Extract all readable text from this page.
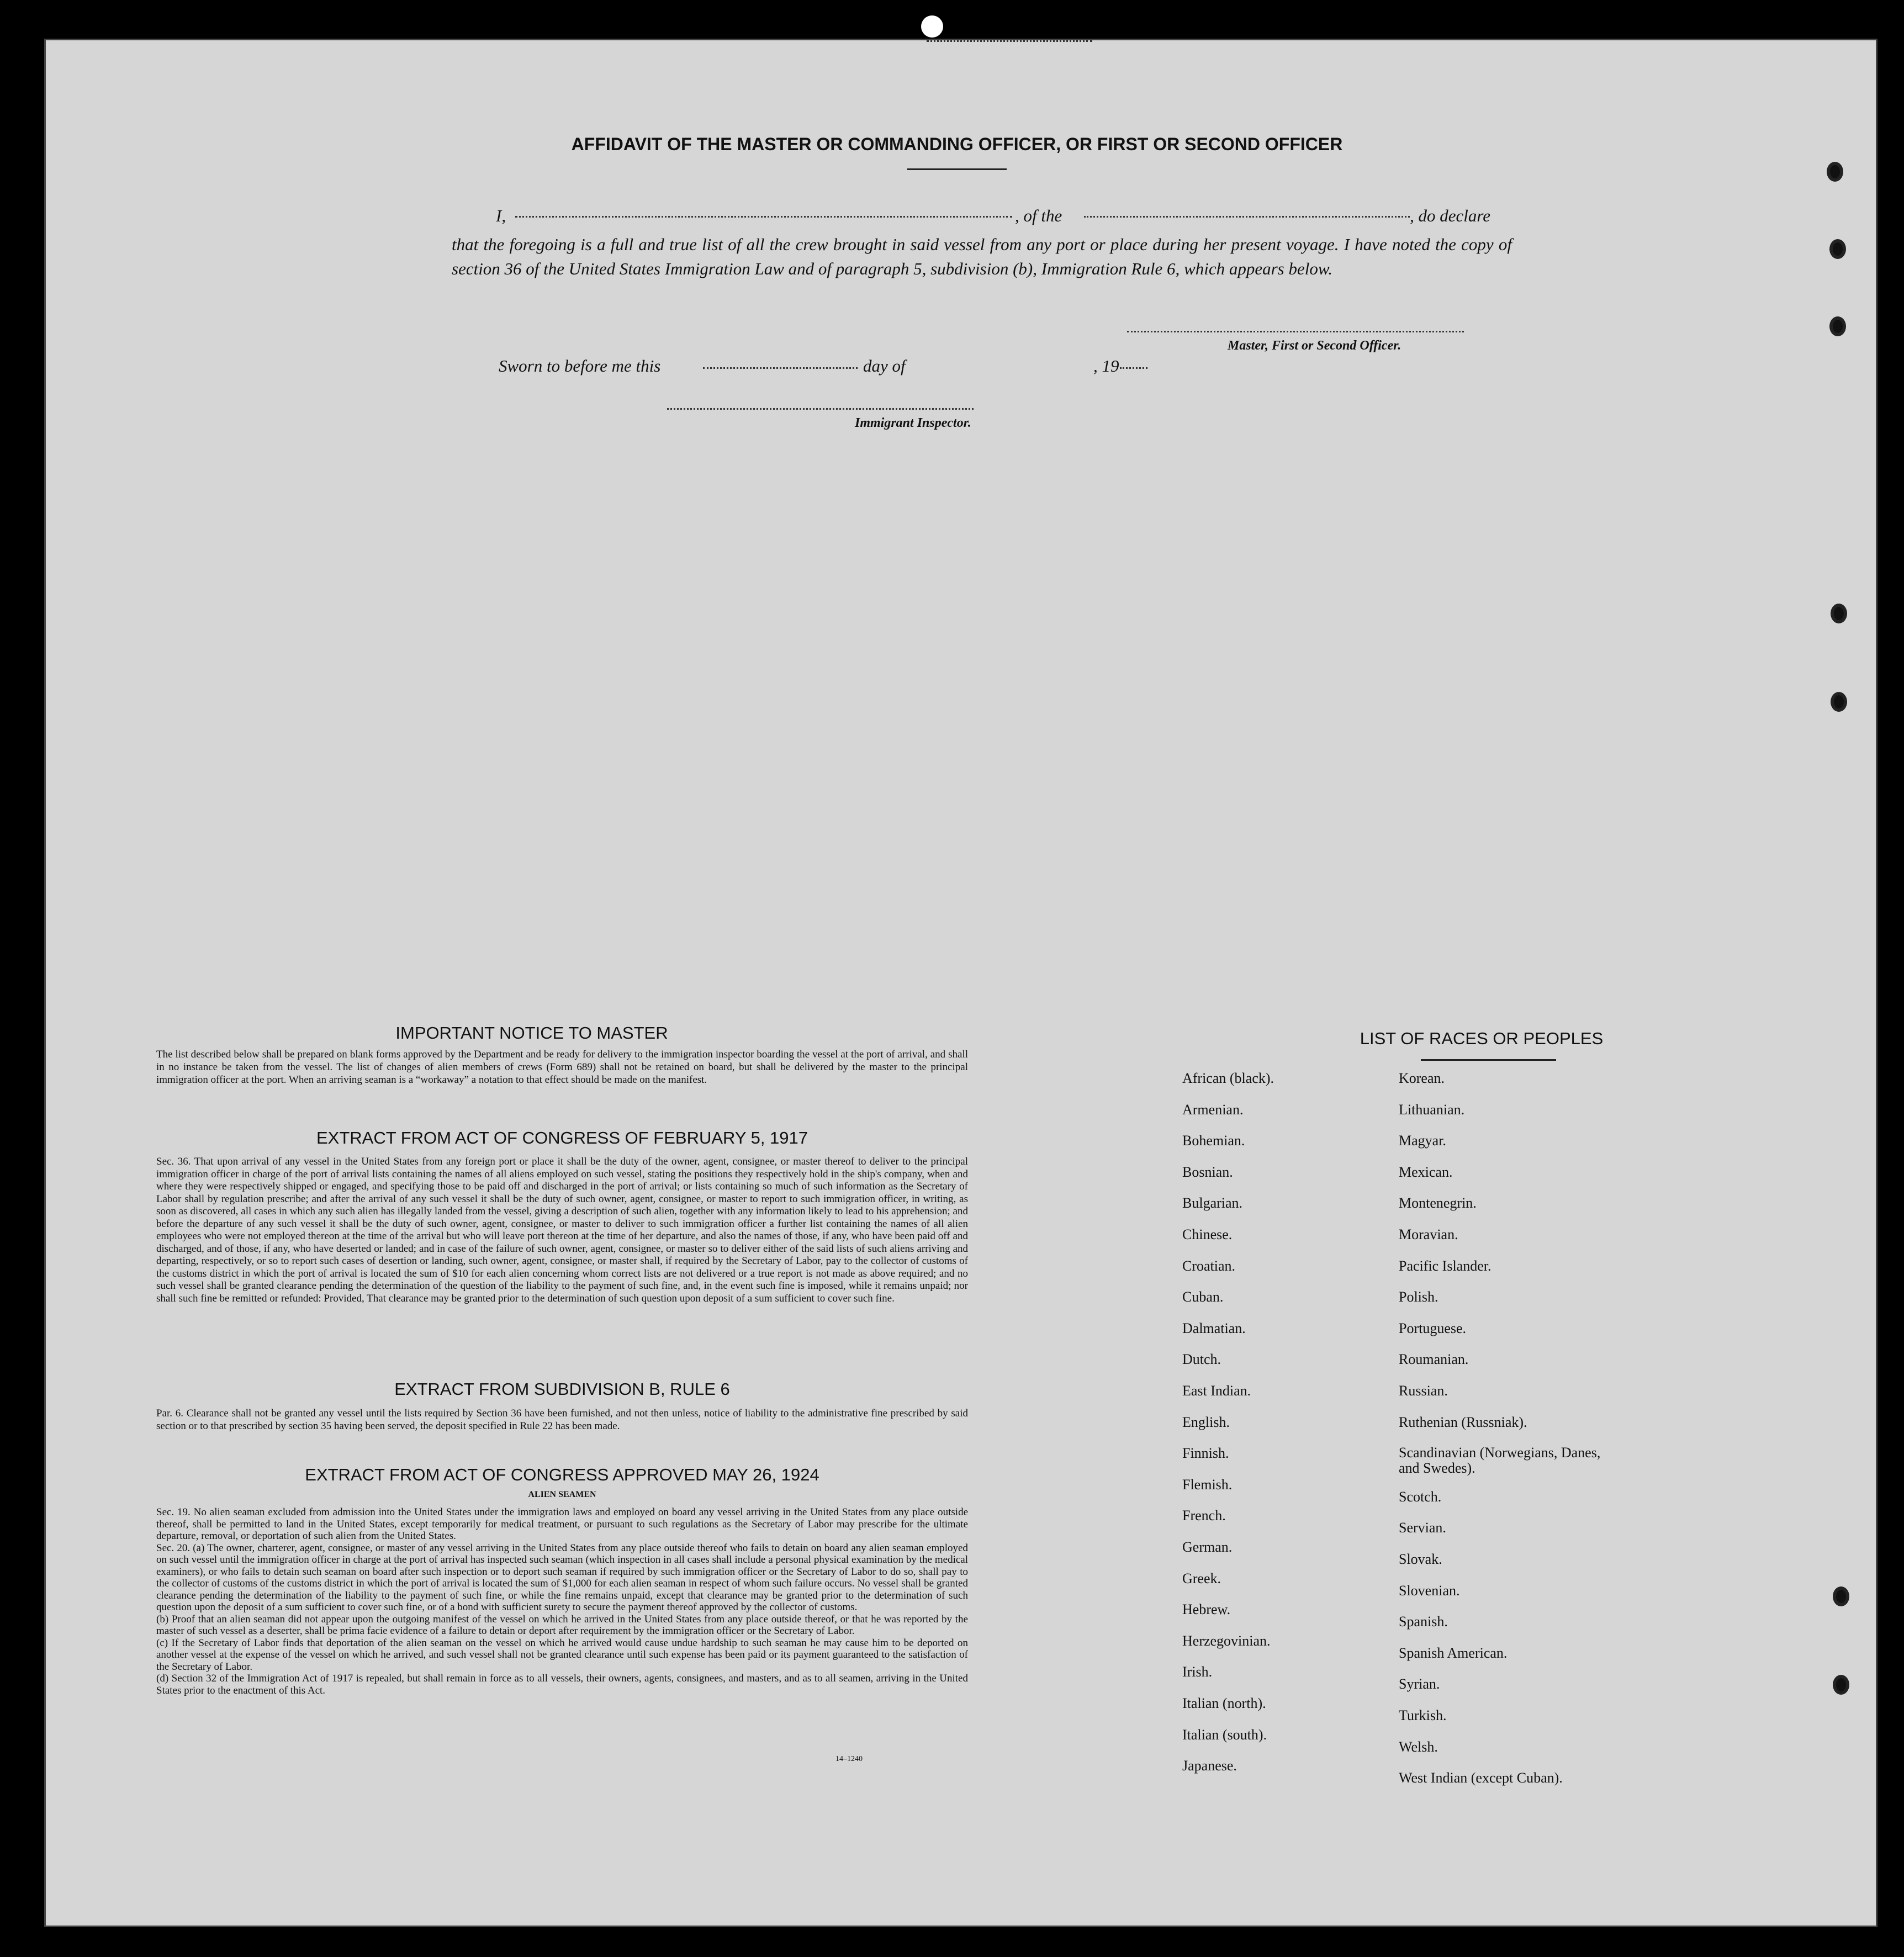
AFFIDAVIT OF THE MASTER OR COMMANDING OFFICER, OR FIRST OR SECOND OFFICER
I,	, of the	, do declare
that the foregoing is a full and true list of all the crew brought in said vessel from any port or place during her present voyage. I have noted the copy of section 36 of the United States Immigration Law and of paragraph 5, subdivision (b), Immigration Rule 6, which appears below.
Master, First or Second Officer.
Sworn to before me this	day of	, 19
Immigrant Inspector.
IMPORTANT NOTICE TO MASTER
The list described below shall be prepared on blank forms approved by the Department and be ready for delivery to the immigration inspector boarding the vessel at the port of arrival, and shall in no instance be taken from the vessel. The list of changes of alien members of crews (Form 689) shall not be retained on board, but shall be delivered by the master to the principal immigration officer at the port. When an arriving seaman is a “workaway” a notation to that effect should be made on the manifest.
EXTRACT FROM ACT OF CONGRESS OF FEBRUARY 5, 1917
Sec. 36. That upon arrival of any vessel in the United States from any foreign port or place it shall be the duty of the owner, agent, consignee, or master thereof to deliver to the principal immigration officer in charge of the port of arrival lists containing the names of all aliens employed on such vessel, stating the positions they respectively hold in the ship's company, when and where they were respectively shipped or engaged, and specifying those to be paid off and discharged in the port of arrival; or lists containing so much of such information as the Secretary of Labor shall by regulation prescribe; and after the arrival of any such vessel it shall be the duty of such owner, agent, consignee, or master to report to such immigration officer, in writing, as soon as discovered, all cases in which any such alien has illegally landed from the vessel, giving a description of such alien, together with any information likely to lead to his apprehension; and before the departure of any such vessel it shall be the duty of such owner, agent, consignee, or master to deliver to such immigration officer a further list containing the names of all alien employees who were not employed thereon at the time of the arrival but who will leave port thereon at the time of her departure, and also the names of those, if any, who have been paid off and discharged, and of those, if any, who have deserted or landed; and in case of the failure of such owner, agent, consignee, or master so to deliver either of the said lists of such aliens arriving and departing, respectively, or so to report such cases of desertion or landing, such owner, agent, consignee, or master shall, if required by the Secretary of Labor, pay to the collector of customs of the customs district in which the port of arrival is located the sum of $10 for each alien concerning whom correct lists are not delivered or a true report is not made as above required; and no such vessel shall be granted clearance pending the determination of the question of the liability to the payment of such fine, and, in the event such fine is imposed, while it remains unpaid; nor shall such fine be remitted or refunded: Provided, That clearance may be granted prior to the determination of such question upon deposit of a sum sufficient to cover such fine.
EXTRACT FROM SUBDIVISION B, RULE 6
Par. 6. Clearance shall not be granted any vessel until the lists required by Section 36 have been furnished, and not then unless, notice of liability to the administrative fine prescribed by said section or to that prescribed by section 35 having been served, the deposit specified in Rule 22 has been made.
EXTRACT FROM ACT OF CONGRESS APPROVED MAY 26, 1924
ALIEN SEAMEN
Sec. 19. No alien seaman excluded from admission into the United States under the immigration laws and employed on board any vessel arriving in the United States from any place outside thereof, shall be permitted to land in the United States, except temporarily for medical treatment, or pursuant to such regulations as the Secretary of Labor may prescribe for the ultimate departure, removal, or deportation of such alien from the United States.
Sec. 20. (a) The owner, charterer, agent, consignee, or master of any vessel arriving in the United States from any place outside thereof who fails to detain on board any alien seaman employed on such vessel until the immigration officer in charge at the port of arrival has inspected such seaman (which inspection in all cases shall include a personal physical examination by the medical examiners), or who fails to detain such seaman on board after such inspection or to deport such seaman if required by such immigration officer or the Secretary of Labor to do so, shall pay to the collector of customs of the customs district in which the port of arrival is located the sum of $1,000 for each alien seaman in respect of whom such failure occurs. No vessel shall be granted clearance pending the determination of the liability to the payment of such fine, or while the fine remains unpaid, except that clearance may be granted prior to the determination of such question upon the deposit of a sum sufficient to cover such fine, or of a bond with sufficient surety to secure the payment thereof approved by the collector of customs.
(b) Proof that an alien seaman did not appear upon the outgoing manifest of the vessel on which he arrived in the United States from any place outside thereof, or that he was reported by the master of such vessel as a deserter, shall be prima facie evidence of a failure to detain or deport after requirement by the immigration officer or the Secretary of Labor.
(c) If the Secretary of Labor finds that deportation of the alien seaman on the vessel on which he arrived would cause undue hardship to such seaman he may cause him to be deported on another vessel at the expense of the vessel on which he arrived, and such vessel shall not be granted clearance until such expense has been paid or its payment guaranteed to the satisfaction of the Secretary of Labor.
(d) Section 32 of the Immigration Act of 1917 is repealed, but shall remain in force as to all vessels, their owners, agents, consignees, and masters, and as to all seamen, arriving in the United States prior to the enactment of this Act.
14–1240
LIST OF RACES OR PEOPLES
African (black).
Armenian.
Bohemian.
Bosnian.
Bulgarian.
Chinese.
Croatian.
Cuban.
Dalmatian.
Dutch.
East Indian.
English.
Finnish.
Flemish.
French.
German.
Greek.
Hebrew.
Herzegovinian.
Irish.
Italian (north).
Italian (south).
Japanese.
Korean.
Lithuanian.
Magyar.
Mexican.
Montenegrin.
Moravian.
Pacific Islander.
Polish.
Portuguese.
Roumanian.
Russian.
Ruthenian (Russniak).
Scandinavian (Norwegians, Danes, and Swedes).
Scotch.
Servian.
Slovak.
Slovenian.
Spanish.
Spanish American.
Syrian.
Turkish.
Welsh.
West Indian (except Cuban).
